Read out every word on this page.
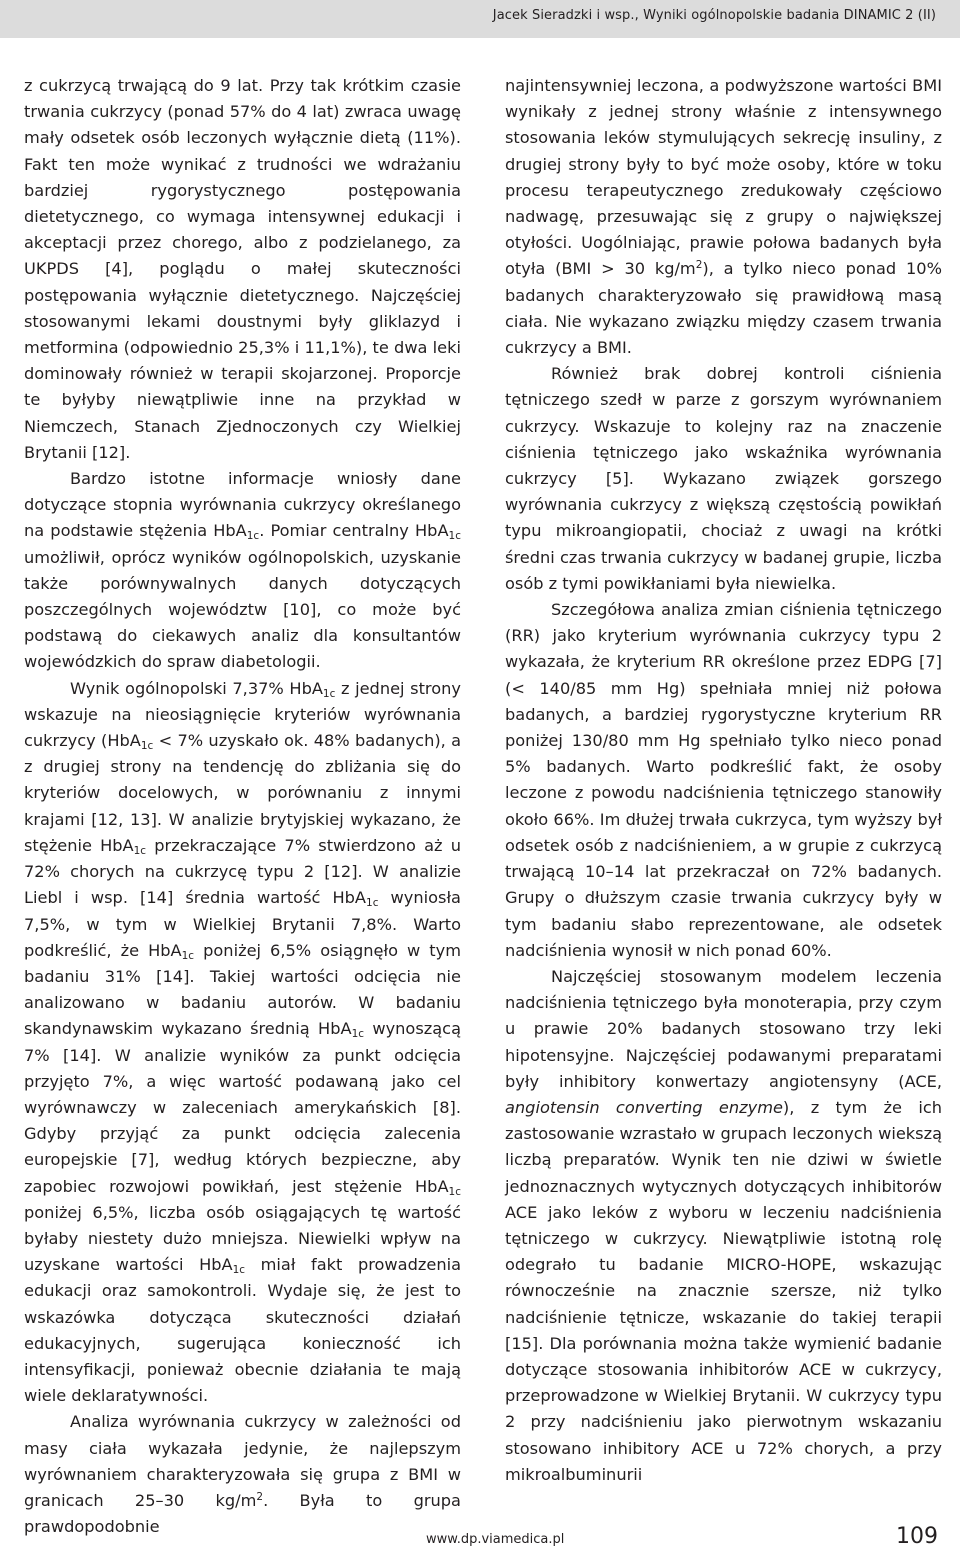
Jacek Sieradzki i wsp., Wyniki ogólnopolskie badania DINAMIC 2 (II)

z cukrzycą trwającą do 9 lat. Przy tak krótkim czasie trwania cukrzycy (ponad 57% do 4 lat) zwraca uwagę mały odsetek osób leczonych wyłącznie dietą (11%). Fakt ten może wynikać z trudności we wdrażaniu bardziej rygorystycznego postępowania dietetycznego, co wymaga intensywnej edukacji i akceptacji przez chorego, albo z podzielanego, za UKPDS [4], poglądu o małej skuteczności postępowania wyłącznie dietetycznego. Najczęściej stosowanymi lekami doustnymi były gliklazyd i metformina (odpowiednio 25,3% i 11,1%), te dwa leki dominowały również w terapii skojarzonej. Proporcje te byłyby niewątpliwie inne na przykład w Niemczech, Stanach Zjednoczonych czy Wielkiej Brytanii [12].

Bardzo istotne informacje wniosły dane dotyczące stopnia wyrównania cukrzycy określanego na podstawie stężenia HbA$_{1c}$. Pomiar centralny HbA$_{1c}$ umożliwił, oprócz wyników ogólnopolskich, uzyskanie także porównywalnych danych dotyczących poszczególnych województw [10], co może być podstawą do ciekawych analiz dla konsultantów wojewódzkich do spraw diabetologii.

Wynik ogólnopolski 7,37% HbA$_{1c}$ z jednej strony wskazuje na nieosiągnięcie kryteriów wyrównania cukrzycy (HbA$_{1c}$ < 7% uzyskało ok. 48% badanych), a z drugiej strony na tendencję do zbliżania się do kryteriów docelowych, w porównaniu z innymi krajami [12, 13]. W analizie brytyjskiej wykazano, że stężenie HbA$_{1c}$ przekraczające 7% stwierdzono aż u 72% chorych na cukrzycę typu 2 [12]. W analizie Liebl i wsp. [14] średnia wartość HbA$_{1c}$ wyniosła 7,5%, w tym w Wielkiej Brytanii 7,8%. Warto podkreślić, że HbA$_{1c}$ poniżej 6,5% osiągnęło w tym badaniu 31% [14]. Takiej wartości odcięcia nie analizowano w badaniu autorów. W badaniu skandynawskim wykazano średnią HbA$_{1c}$ wynoszącą 7% [14]. W analizie wyników za punkt odcięcia przyjęto 7%, a więc wartość podawaną jako cel wyrównawczy w zaleceniach amerykańskich [8]. Gdyby przyjąć za punkt odcięcia zalecenia europejskie [7], według których bezpieczne, aby zapobiec rozwojowi powikłań, jest stężenie HbA$_{1c}$ poniżej 6,5%, liczba osób osiągających tę wartość byłaby niestety dużo mniejsza. Niewielki wpływ na uzyskane wartości HbA$_{1c}$ miał fakt prowadzenia edukacji oraz samokontroli. Wydaje się, że jest to wskazówka dotycząca skuteczności działań edukacyjnych, sugerująca konieczność ich intensyfikacji, ponieważ obecnie działania te mają wiele deklaratywności.

Analiza wyrównania cukrzycy w zależności od masy ciała wykazała jedynie, że najlepszym wyrównaniem charakteryzowała się grupa z BMI w granicach 25–30 $kg/m^2$. Była to grupa prawdopodobnie

najintensywniej leczona, a podwyższone wartości BMI wynikały z jednej strony właśnie z intensywnego stosowania leków stymulujących sekrecję insuliny, z drugiej strony były to być może osoby, które w toku procesu terapeutycznego zredukowały częściowo nadwagę, przesuwając się z grupy o największej otyłości. Uogólniając, prawie połowa badanych była otyła (BMI > 30 $kg/m^2$), a tylko nieco ponad 10% badanych charakteryzowało się prawidłową masą ciała. Nie wykazano związku między czasem trwania cukrzycy a BMI.

Również brak dobrej kontroli ciśnienia tętniczego szedł w parze z gorszym wyrównaniem cukrzycy. Wskazuje to kolejny raz na znaczenie ciśnienia tętniczego jako wskaźnika wyrównania cukrzycy [5]. Wykazano związek gorszego wyrównania cukrzycy z większą częstością powikłań typu mikroangiopatii, chociaż z uwagi na krótki średni czas trwania cukrzycy w badanej grupie, liczba osób z tymi powikłaniami była niewielka.

Szczegółowa analiza zmian ciśnienia tętniczego (RR) jako kryterium wyrównania cukrzycy typu 2 wykazała, że kryterium RR określone przez EDPG [7] (< 140/85 mm Hg) spełniała mniej niż połowa badanych, a bardziej rygorystyczne kryterium RR poniżej 130/80 mm Hg spełniało tylko nieco ponad 5% badanych. Warto podkreślić fakt, że osoby leczone z powodu nadciśnienia tętniczego stanowiły około 66%. Im dłużej trwała cukrzyca, tym wyższy był odsetek osób z nadciśnieniem, a w grupie z cukrzycą trwającą 10–14 lat przekraczał on 72% badanych. Grupy o dłuższym czasie trwania cukrzycy były w tym badaniu słabo reprezentowane, ale odsetek nadciśnienia wynosił w nich ponad 60%.

Najczęściej stosowanym modelem leczenia nadciśnienia tętniczego była monoterapia, przy czym u prawie 20% badanych stosowano trzy leki hipotensyjne. Najczęściej podawanymi preparatami były inhibitory konwertazy angiotensyny (ACE, angiotensin converting enzyme), z tym że ich zastosowanie wzrastało w grupach leczonych wiekszą liczbą preparatów. Wynik ten nie dziwi w świetle jednoznacznych wytycznych dotyczących inhibitorów ACE jako leków z wyboru w leczeniu nadciśnienia tętniczego w cukrzycy. Niewątpliwie istotną rolę odegrało tu badanie MICRO-HOPE, wskazując równocześnie na znacznie szersze, niż tylko nadciśnienie tętnicze, wskazanie do takiej terapii [15]. Dla porównania można także wymienić badanie dotyczące stosowania inhibitorów ACE w cukrzycy, przeprowadzone w Wielkiej Brytanii. W cukrzycy typu 2 przy nadciśnieniu jako pierwotnym wskazaniu stosowano inhibitory ACE u 72% chorych, a przy mikroalbuminurii

www.dp.viamedica.pl	109
